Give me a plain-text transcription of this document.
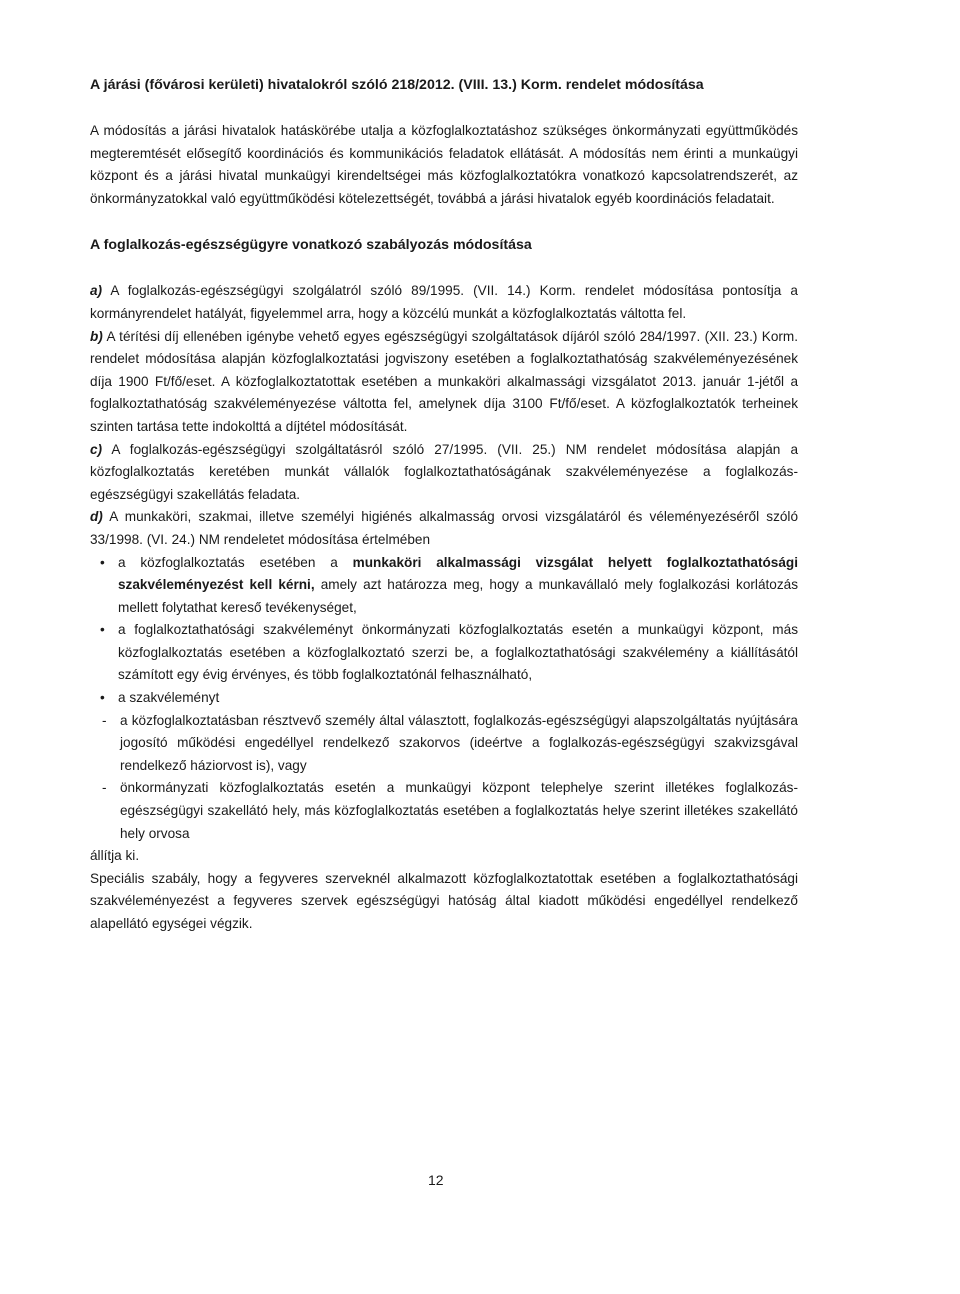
A járási (fővárosi kerületi) hivatalokról szóló 218/2012. (VIII. 13.) Korm. rendelet módosítása

A módosítás a járási hivatalok hatáskörébe utalja a közfoglalkoztatáshoz szükséges önkormányzati együttműködés megteremtését elősegítő koordinációs és kommunikációs feladatok ellátását. A módosítás nem érinti a munkaügyi központ és a járási hivatal munkaügyi kirendeltségei más közfoglalkoztatókra vonatkozó kapcsolatrendszerét, az önkormányzatokkal való együttműködési kötelezettségét, továbbá a járási hivatalok egyéb koordinációs feladatait.

A foglalkozás-egészségügyre vonatkozó szabályozás módosítása

a) A foglalkozás-egészségügyi szolgálatról szóló 89/1995. (VII. 14.) Korm. rendelet módosítása pontosítja a kormányrendelet hatályát, figyelemmel arra, hogy a közcélú munkát a közfoglalkoztatás váltotta fel.

b) A térítési díj ellenében igénybe vehető egyes egészségügyi szolgáltatások díjáról szóló 284/1997. (XII. 23.) Korm. rendelet módosítása alapján közfoglalkoztatási jogviszony esetében a foglalkoztathatóság szakvéleményezésének díja 1900 Ft/fő/eset. A közfoglalkoztatottak esetében a munkaköri alkalmassági vizsgálatot 2013. január 1-jétől a foglalkoztathatóság szakvéleményezése váltotta fel, amelynek díja 3100 Ft/fő/eset. A közfoglalkoztatók terheinek szinten tartása tette indokolttá a díjtétel módosítását.

c) A foglalkozás-egészségügyi szolgáltatásról szóló 27/1995. (VII. 25.) NM rendelet módosítása alapján a közfoglalkoztatás keretében munkát vállalók foglalkoztathatóságának szakvéleményezése a foglalkozás-egészségügyi szakellátás feladata.

d) A munkaköri, szakmai, illetve személyi higiénés alkalmasság orvosi vizsgálatáról és véleményezéséről szóló 33/1998. (VI. 24.) NM rendeletet módosítása értelmében

• a közfoglalkoztatás esetében a munkaköri alkalmassági vizsgálat helyett foglalkoztathatósági szakvéleményezést kell kérni, amely azt határozza meg, hogy a munkavállaló mely foglalkozási korlátozás mellett folytathat kereső tevékenységet,
• a foglalkoztathatósági szakvéleményt önkormányzati közfoglalkoztatás esetén a munkaügyi központ, más közfoglalkoztatás esetében a közfoglalkoztató szerzi be, a foglalkoztathatósági szakvélemény a kiállításától számított egy évig érvényes, és több foglalkoztatónál felhasználható,
• a szakvéleményt
- a közfoglalkoztatásban résztvevő személy által választott, foglalkozás-egészségügyi alapszolgáltatás nyújtására jogosító működési engedéllyel rendelkező szakorvos (ideértve a foglalkozás-egészségügyi szakvizsgával rendelkező háziorvost is), vagy
- önkormányzati közfoglalkoztatás esetén a munkaügyi központ telephelye szerint illetékes foglalkozás-egészségügyi szakellátó hely, más közfoglalkoztatás esetében a foglalkoztatás helye szerint illetékes szakellátó hely orvosa

állítja ki.

Speciális szabály, hogy a fegyveres szerveknél alkalmazott közfoglalkoztatottak esetében a foglalkoztathatósági szakvéleményezést a fegyveres szervek egészségügyi hatóság által kiadott működési engedéllyel rendelkező alapellátó egységei végzik.

12
